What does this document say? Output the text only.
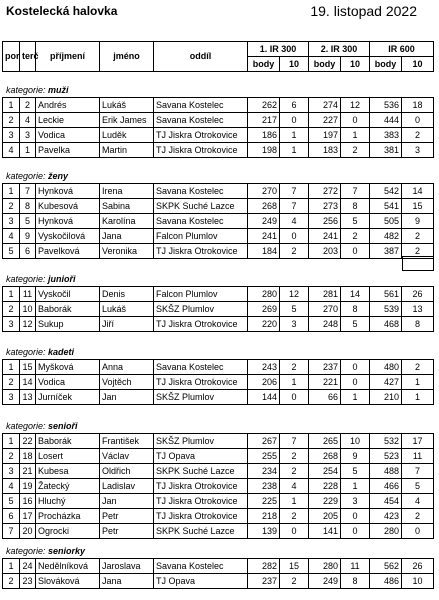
Kostelecká halovka	19. listopad 2022
por	terč	příjmení	jméno	oddíl	1. IR 300		2. IR 300		IR 600	
					body	10	body	10	body	10
kategorie: muži
1	2	Andrés	Lukáš	Savana Kostelec	262	6	274	12	536	18
2	4	Leckie	Erik James	Savana Kostelec	217	0	227	0	444	0
3	3	Vodica	Luděk	TJ Jiskra Otrokovice	186	1	197	1	383	2
4	1	Pavelka	Martin	TJ Jiskra Otrokovice	198	1	183	2	381	3
kategorie: ženy
1	7	Hynková	Irena	Savana Kostelec	270	7	272	7	542	14
2	8	Kubesová	Sabina	SKPK Suché Lazce	268	7	273	8	541	15
3	5	Hynková	Karolína	Savana Kostelec	249	4	256	5	505	9
4	9	Vyskočilová	Jana	Falcon Plumlov	241	0	241	2	482	2
5	6	Pavelková	Veronika	TJ Jiskra Otrokovice	184	2	203	0	387	2
kategorie: junioři
1	11	Vyskočil	Denis	Falcon Plumlov	280	12	281	14	561	26
2	10	Baborák	Lukáš	SKŠZ Plumlov	269	5	270	8	539	13
3	12	Sukup	Jiří	TJ Jiskra Otrokovice	220	3	248	5	468	8
kategorie: kadeti
1	15	Myšková	Anna	Savana Kostelec	243	2	237	0	480	2
2	14	Vodica	Vojtěch	TJ Jiskra Otrokovice	206	1	221	0	427	1
3	13	Jurníček	Jan	SKŠZ Plumlov	144	0	66	1	210	1
kategorie: senioři
1	22	Baborák	František	SKŠZ Plumlov	267	7	265	10	532	17
2	18	Losert	Václav	TJ Opava	255	2	268	9	523	11
3	21	Kubesa	Oldřich	SKPK Suché Lazce	234	2	254	5	488	7
4	19	Žatecký	Ladislav	TJ Jiskra Otrokovice	238	4	228	1	466	5
5	16	Hluchý	Jan	TJ Jiskra Otrokovice	225	1	229	3	454	4
6	17	Procházka	Petr	TJ Jiskra Otrokovice	218	2	205	0	423	2
7	20	Ogrocki	Petr	SKPK Suché Lazce	139	0	141	0	280	0
kategorie: seniorky
1	24	Nedělníková	Jaroslava	Savana Kostelec	282	15	280	11	562	26
2	23	Slováková	Jana	TJ Opava	237	2	249	8	486	10
